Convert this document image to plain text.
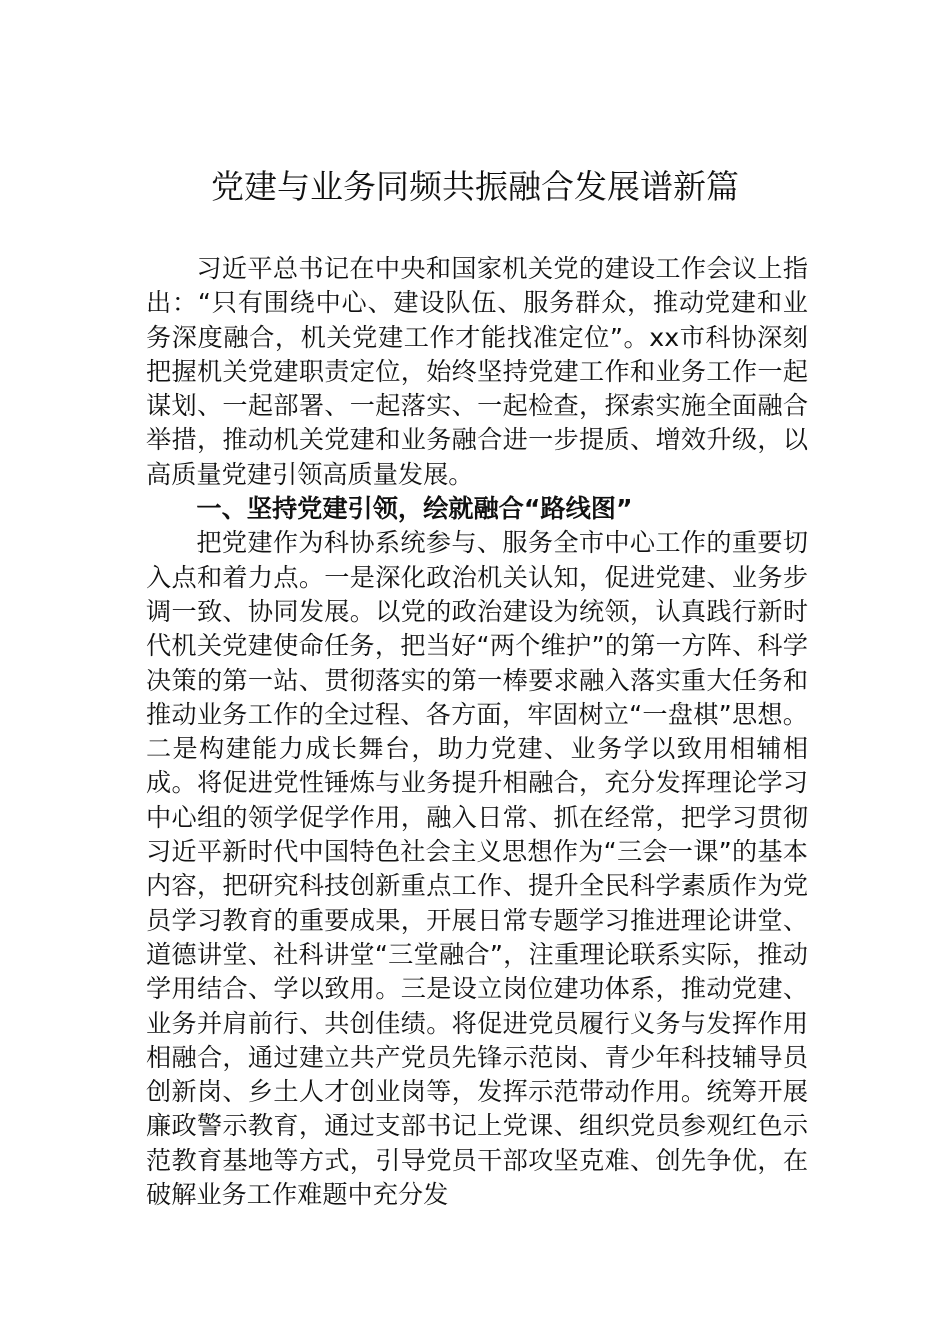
党建与业务同频共振融合发展谱新篇

习近平总书记在中央和国家机关党的建设工作会议上指出：“只有围绕中心、建设队伍、服务群众，推动党建和业务深度融合，机关党建工作才能找准定位”。xx市科协深刻把握机关党建职责定位，始终坚持党建工作和业务工作一起谋划、一起部署、一起落实、一起检查，探索实施全面融合举措，推动机关党建和业务融合进一步提质、增效升级，以高质量党建引领高质量发展。

一、坚持党建引领，绘就融合“路线图”

把党建作为科协系统参与、服务全市中心工作的重要切入点和着力点。一是深化政治机关认知，促进党建、业务步调一致、协同发展。以党的政治建设为统领，认真践行新时代机关党建使命任务，把当好“两个维护”的第一方阵、科学决策的第一站、贯彻落实的第一棒要求融入落实重大任务和推动业务工作的全过程、各方面，牢固树立“一盘棋”思想。二是构建能力成长舞台，助力党建、业务学以致用相辅相成。将促进党性锤炼与业务提升相融合，充分发挥理论学习中心组的领学促学作用，融入日常、抓在经常，把学习贯彻习近平新时代中国特色社会主义思想作为“三会一课”的基本内容，把研究科技创新重点工作、提升全民科学素质作为党员学习教育的重要成果，开展日常专题学习推进理论讲堂、道德讲堂、社科讲堂“三堂融合”，注重理论联系实际，推动学用结合、学以致用。三是设立岗位建功体系，推动党建、业务并肩前行、共创佳绩。将促进党员履行义务与发挥作用相融合，通过建立共产党员先锋示范岗、青少年科技辅导员创新岗、乡土人才创业岗等，发挥示范带动作用。统筹开展廉政警示教育，通过支部书记上党课、组织党员参观红色示范教育基地等方式，引导党员干部攻坚克难、创先争优，在破解业务工作难题中充分发
